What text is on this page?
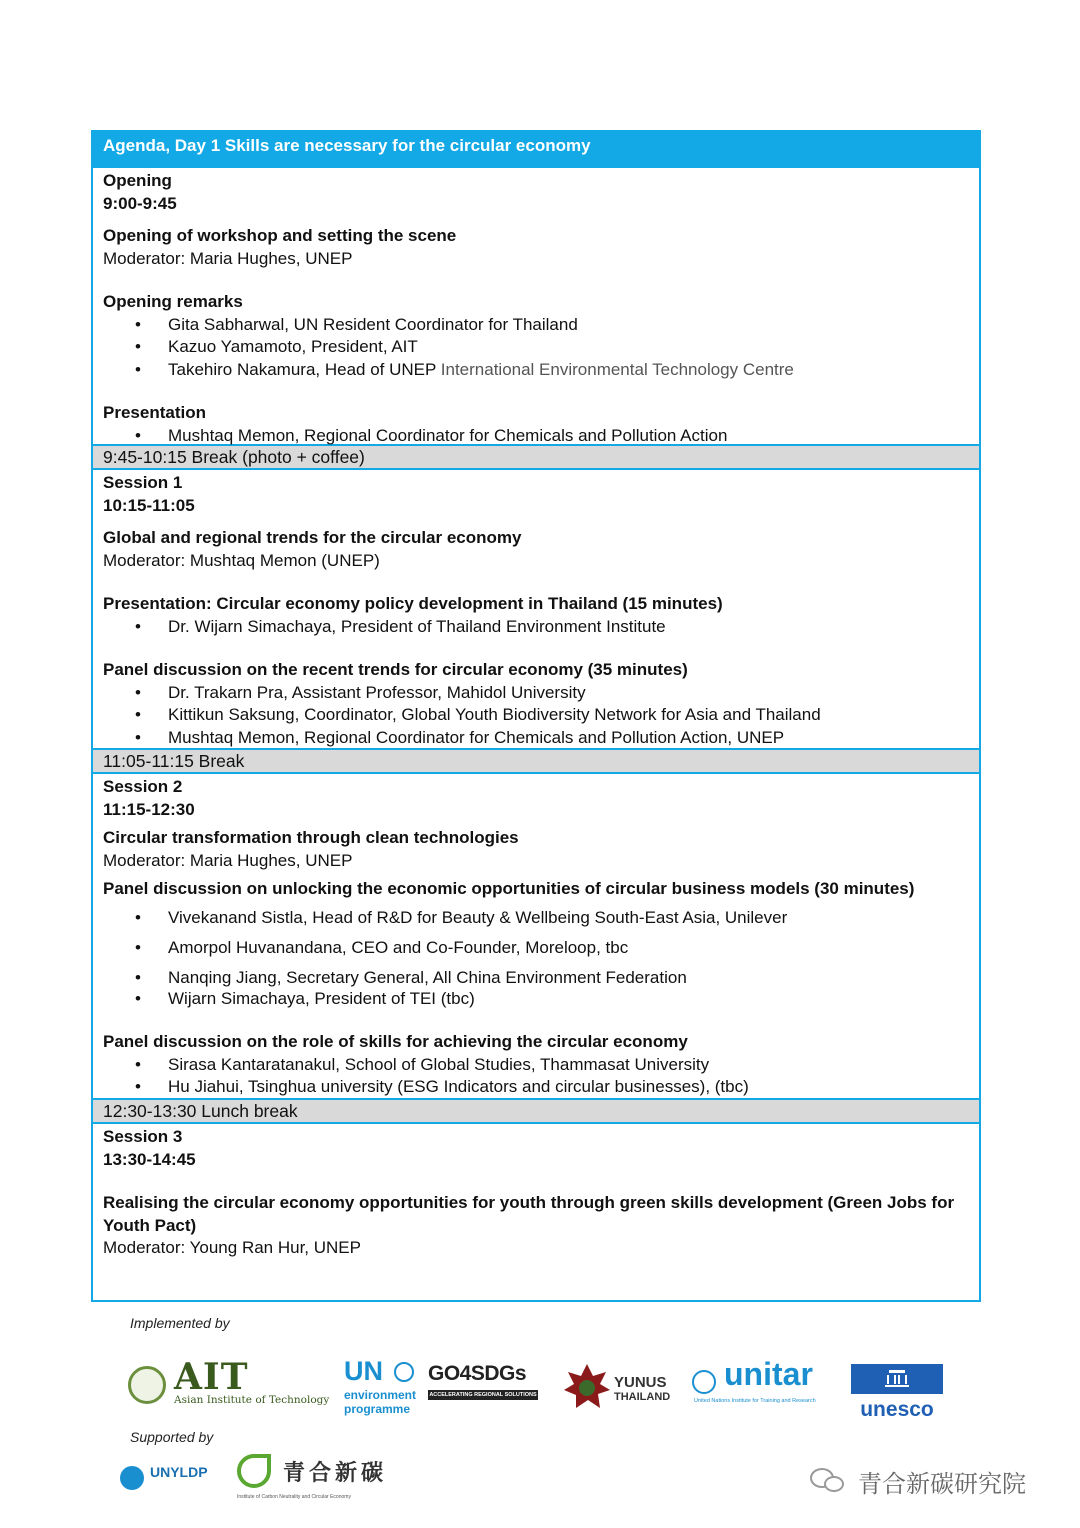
Agenda, Day 1 Skills are necessary for the circular economy
Opening
9:00-9:45
Opening of workshop and setting the scene
Moderator: Maria Hughes, UNEP
Opening remarks
• Gita Sabharwal, UN Resident Coordinator for Thailand
• Kazuo Yamamoto, President, AIT
• Takehiro Nakamura, Head of UNEP International Environmental Technology Centre
Presentation
• Mushtaq Memon, Regional Coordinator for Chemicals and Pollution Action
9:45-10:15 Break (photo + coffee)
Session 1
10:15-11:05
Global and regional trends for the circular economy
Moderator: Mushtaq Memon (UNEP)
Presentation: Circular economy policy development in Thailand (15 minutes)
• Dr. Wijarn Simachaya, President of Thailand Environment Institute
Panel discussion on the recent trends for circular economy (35 minutes)
• Dr. Trakarn Pra, Assistant Professor, Mahidol University
• Kittikun Saksung, Coordinator, Global Youth Biodiversity Network for Asia and Thailand
• Mushtaq Memon, Regional Coordinator for Chemicals and Pollution Action, UNEP
11:05-11:15 Break
Session 2
11:15-12:30
Circular transformation through clean technologies
Moderator: Maria Hughes, UNEP
Panel discussion on unlocking the economic opportunities of circular business models (30 minutes)
• Vivekanand Sistla, Head of R&D for Beauty & Wellbeing South-East Asia, Unilever
• Amorpol Huvanandana, CEO and Co-Founder, Moreloop, tbc
• Nanqing Jiang, Secretary General, All China Environment Federation
• Wijarn Simachaya, President of TEI (tbc)
Panel discussion on the role of skills for achieving the circular economy
• Sirasa Kantaratanakul, School of Global Studies, Thammasat University
• Hu Jiahui, Tsinghua university (ESG Indicators and circular businesses), (tbc)
12:30-13:30 Lunch break
Session 3
13:30-14:45
Realising the circular economy opportunities for youth through green skills development (Green Jobs for Youth Pact)
Moderator: Young Ran Hur, UNEP
Implemented by
AIT
Asian Institute of Technology
UN
environment
programme
GO4SDGs
ACCELERATING REGIONAL SOLUTIONS
YUNUS
THAILAND
unitar
United Nations Institute for Training and Research	unesco
Supported by
UNYLDP	青合新碳
Institute of Carbon Neutrality and Circular Economy	青合新碳研究院
